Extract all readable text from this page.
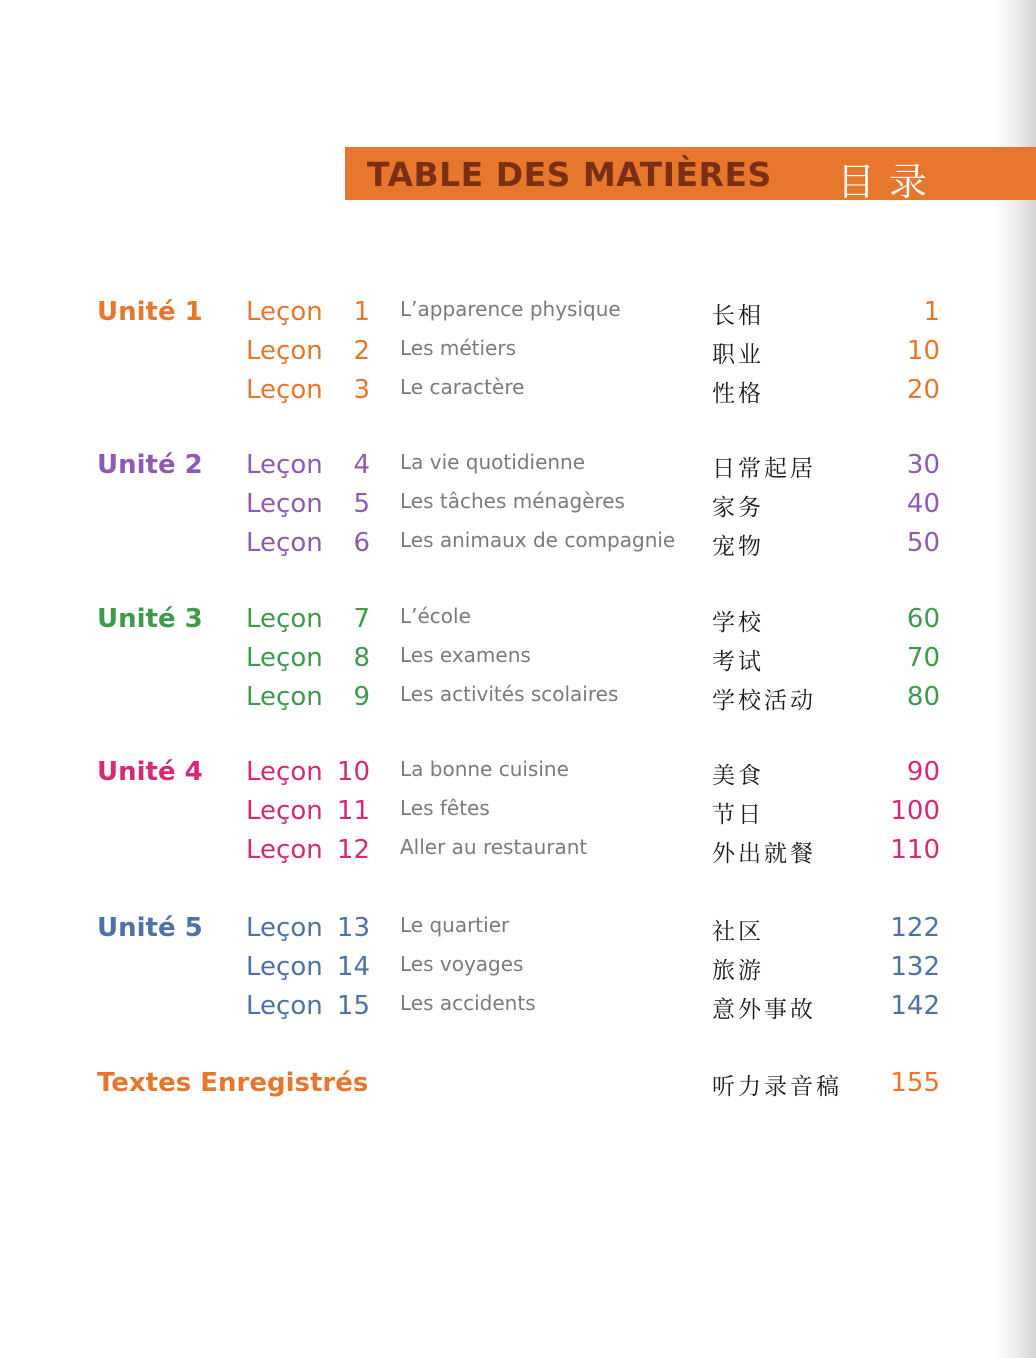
TABLE DES MATIÈRES 目录
Unité 1 Leçon	1 L’apparence physique	长相	1
Leçon	2 Les métiers	职业	10
Leçon	3 Le caractère	性格	20
Unité 2 Leçon	4 La vie quotidienne	日常起居	30
Leçon	5 Les tâches ménagères	家务	40
Leçon	6 Les animaux de compagnie 宠物	50
Unité 3 Leçon	7 L’école	学校	60
Leçon	8 Les examens	考试	70
Leçon	9 Les activités scolaires	学校活动	80
Unité 4 Leçon 10 La bonne cuisine	美食	90
Leçon 11 Les fêtes	节日	100
Leçon 12 Aller au restaurant	外出就餐	110
Unité 5 Leçon 13 Le quartier	社区	122
Leçon 14 Les voyages	旅游	132
Leçon 15 Les accidents	意外事故	142
Textes Enregistrés	听力录音稿	155
